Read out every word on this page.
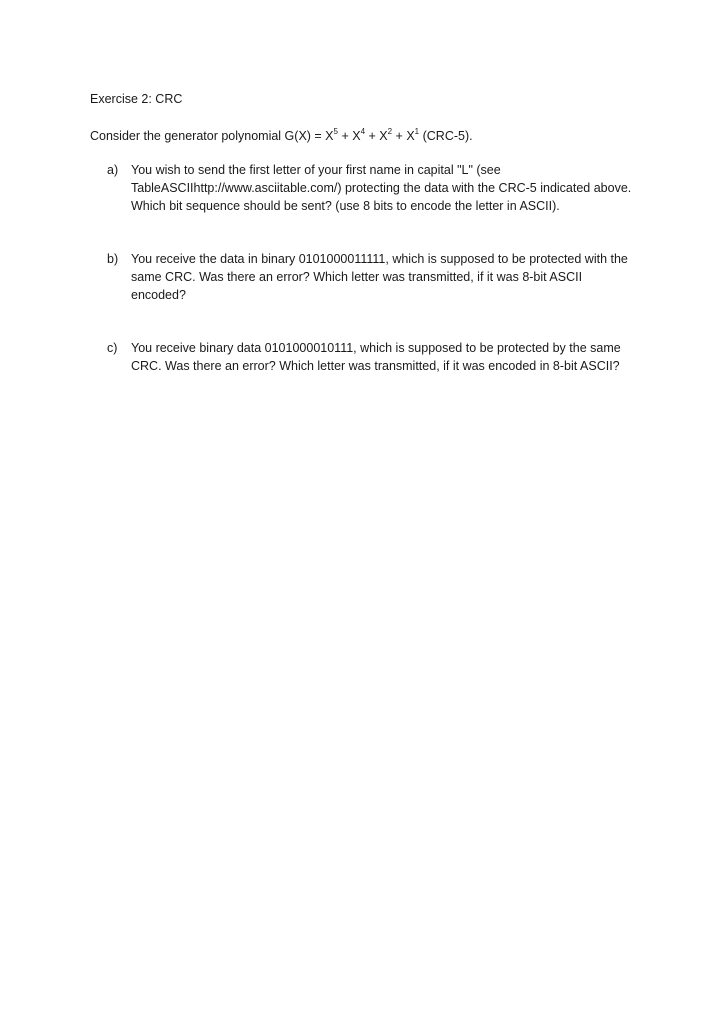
Exercise 2: CRC
Consider the generator polynomial $G(X) = X^5 + X^4 + X^2 + X^1$ (CRC-5).
a)	You wish to send the first letter of your first name in capital "L" (see TableASCIIhttp://www.asciitable.com/) protecting the data with the CRC-5 indicated above. Which bit sequence should be sent? (use 8 bits to encode the letter in ASCII).
b)	You receive the data in binary 0101000011111, which is supposed to be protected with the same CRC. Was there an error? Which letter was transmitted, if it was 8-bit ASCII encoded?
c)	You receive binary data 0101000010111, which is supposed to be protected by the same CRC. Was there an error? Which letter was transmitted, if it was encoded in 8-bit ASCII?
